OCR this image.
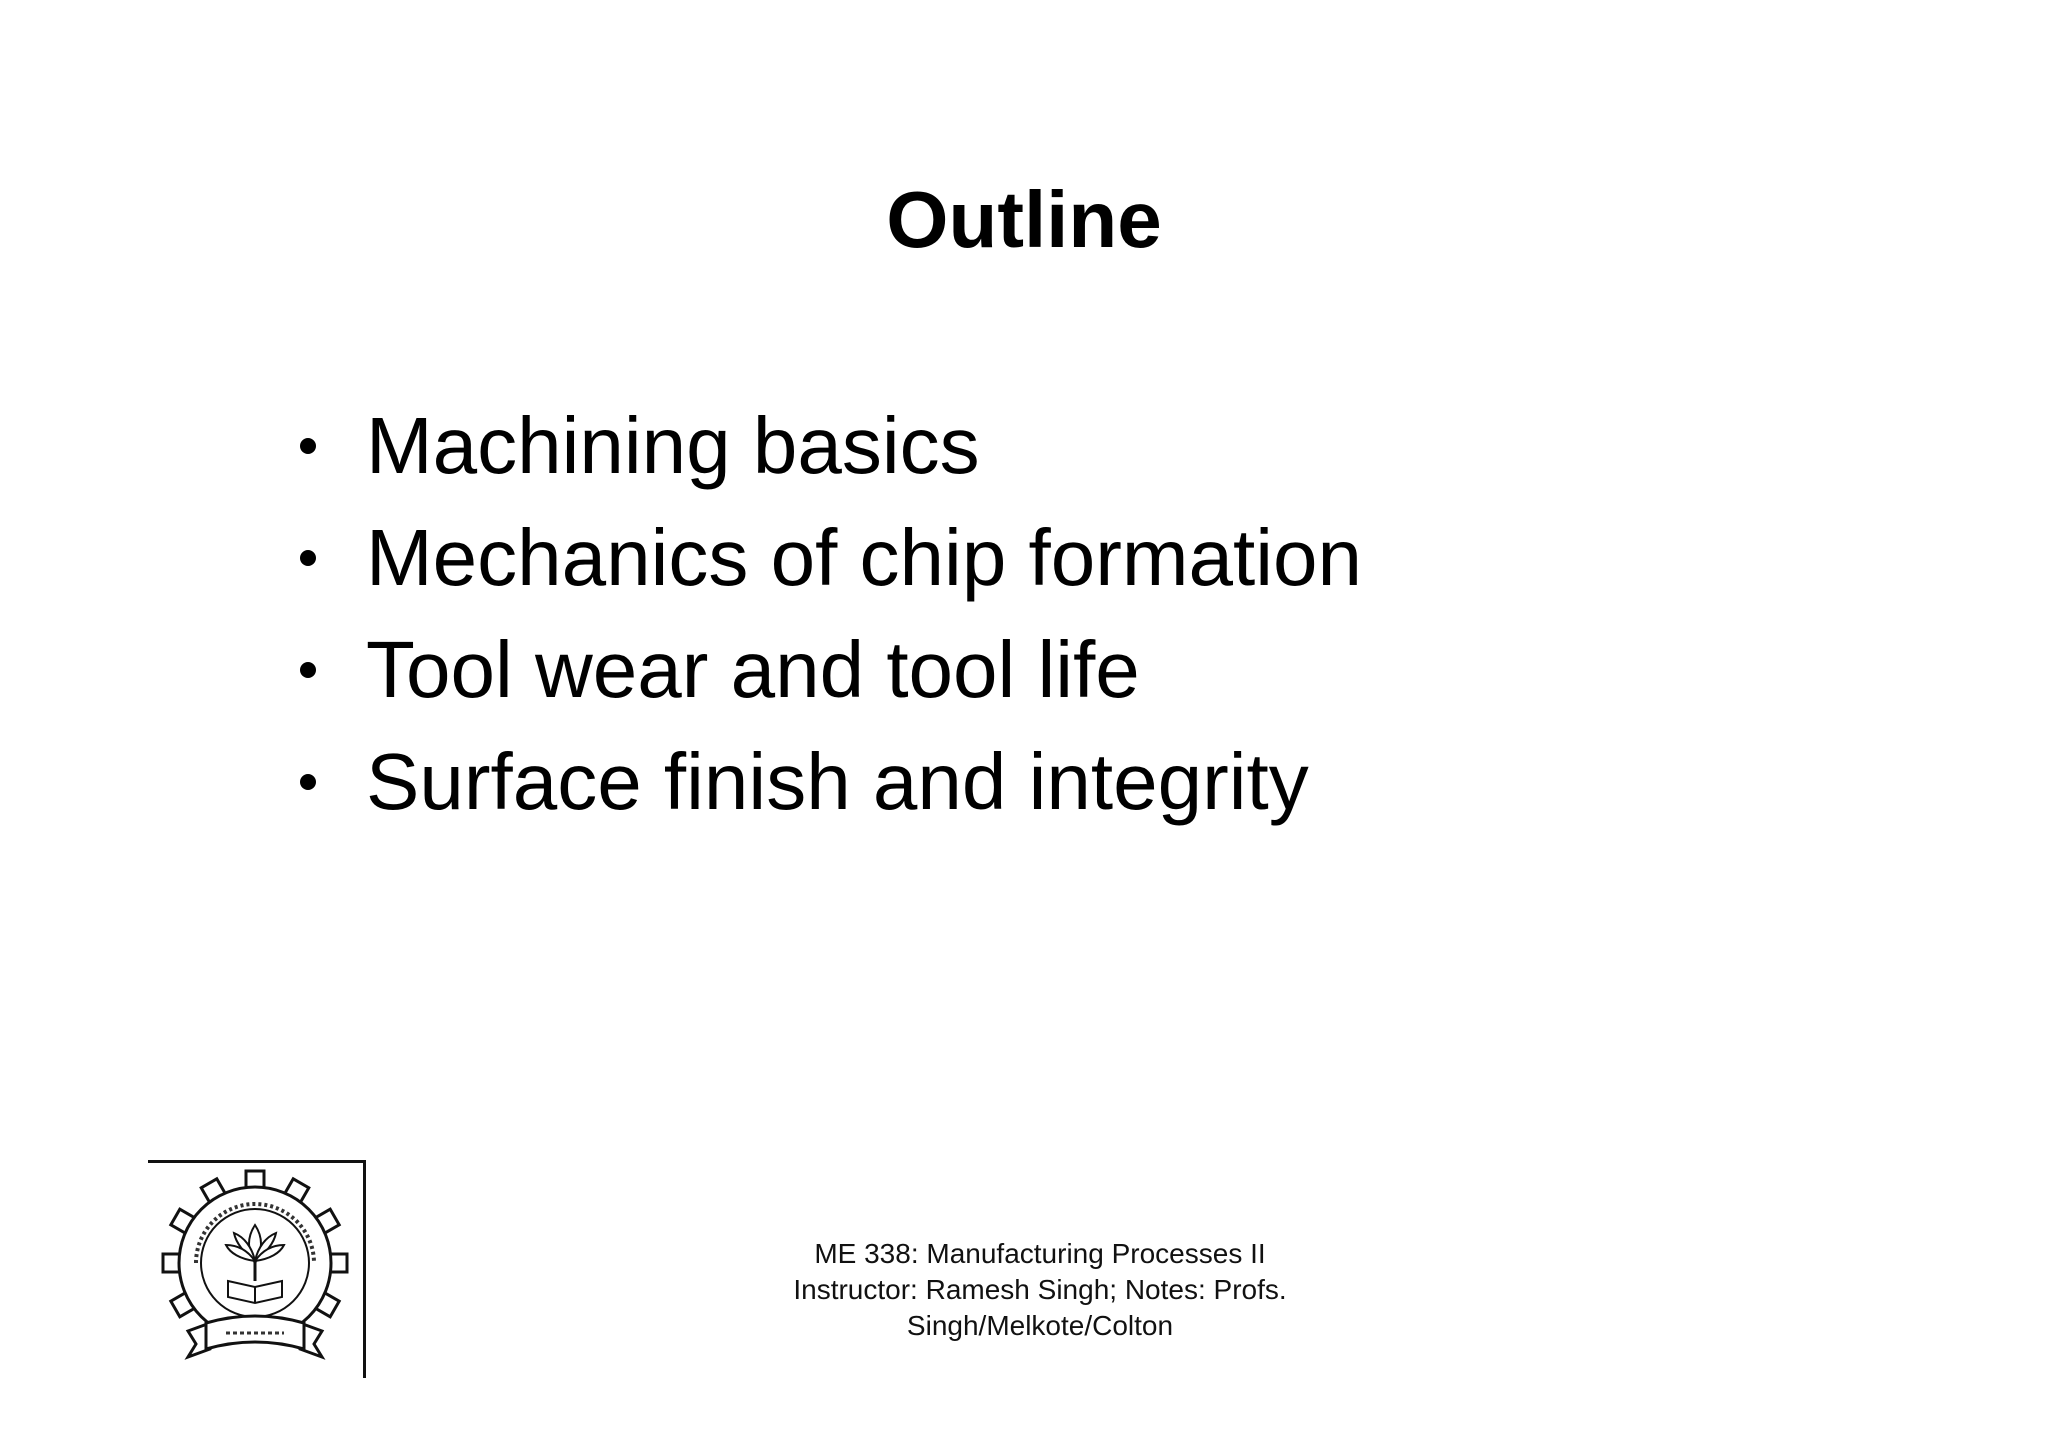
Outline
Machining basics
Mechanics of chip formation
Tool wear and tool life
Surface finish and integrity
ME 338: Manufacturing Processes II
Instructor: Ramesh Singh; Notes: Profs.
Singh/Melkote/Colton
